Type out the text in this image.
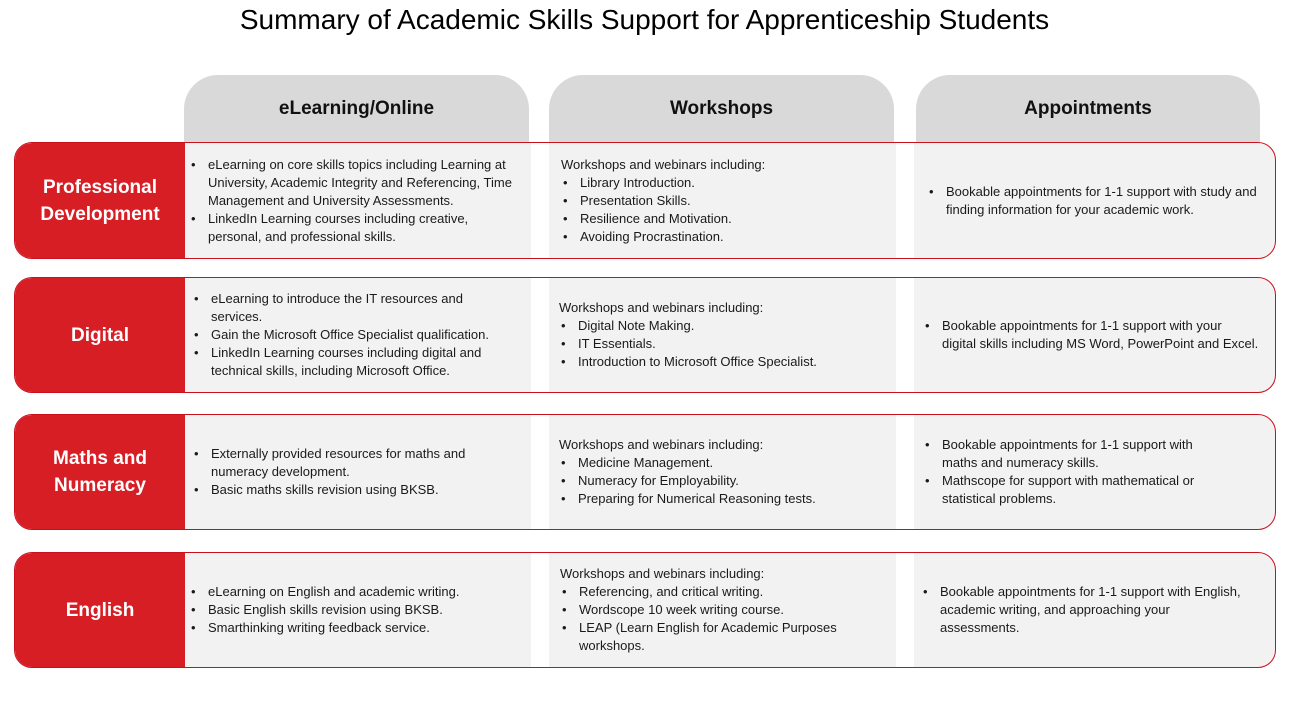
Summary of Academic Skills Support for Apprenticeship Students
eLearning/Online	Workshops	Appointments
Professional Development
• eLearning on core skills topics including Learning at University, Academic Integrity and Referencing, Time Management and University Assessments.
• LinkedIn Learning courses including creative, personal, and professional skills.

Workshops and webinars including:

• Library Introduction.
• Presentation Skills.
• Resilience and Motivation.
• Avoiding Procrastination.
• Bookable appointments for 1-1 support with study and finding information for your academic work.
Digital
• eLearning to introduce the IT resources and services.
• Gain the Microsoft Office Specialist qualification.
• LinkedIn Learning courses including digital and technical skills, including Microsoft Office.

Workshops and webinars including:

• Digital Note Making.
• IT Essentials.
• Introduction to Microsoft Office Specialist.
• Bookable appointments for 1-1 support with your digital skills including MS Word, PowerPoint and Excel.
Maths and Numeracy
• Externally provided resources for maths and numeracy development.
• Basic maths skills revision using BKSB.

Workshops and webinars including:

• Medicine Management.
• Numeracy for Employability.
• Preparing for Numerical Reasoning tests.
• Bookable appointments for 1-1 support with maths and numeracy skills.
• Mathscope for support with mathematical or statistical problems.
English
• eLearning on English and academic writing.
• Basic English skills revision using BKSB.
• Smarthinking writing feedback service.

Workshops and webinars including:

• Referencing, and critical writing.
• Wordscope 10 week writing course.
• LEAP (Learn English for Academic Purposes workshops.
• Bookable appointments for 1-1 support with English, academic writing, and approaching your assessments.
